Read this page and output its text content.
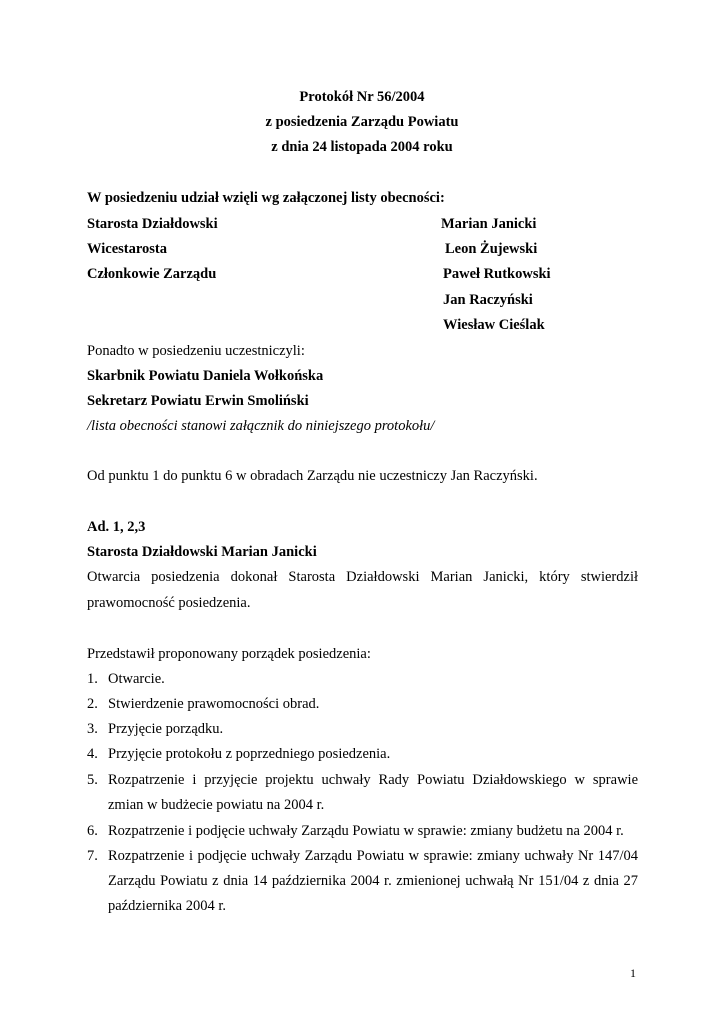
Protokół Nr 56/2004
z posiedzenia Zarządu Powiatu
z dnia 24 listopada 2004 roku
W posiedzeniu udział wzięli wg załączonej listy obecności:
Starosta Działdowski	Marian Janicki
Wicestarosta	Leon Żujewski
Członkowie Zarządu	Paweł Rutkowski
Jan Raczyński
Wiesław Cieślak
Ponadto w posiedzeniu uczestniczyli:
Skarbnik Powiatu Daniela Wołkońska
Sekretarz Powiatu Erwin Smoliński
/lista obecności stanowi załącznik do niniejszego protokołu/
Od punktu 1 do punktu 6 w obradach Zarządu nie uczestniczy Jan Raczyński.
Ad. 1, 2,3
Starosta Działdowski Marian Janicki
Otwarcia posiedzenia dokonał Starosta Działdowski Marian Janicki, który stwierdził
prawomocność posiedzenia.
Przedstawił proponowany porządek posiedzenia:
1. Otwarcie.
2. Stwierdzenie prawomocności obrad.
3. Przyjęcie porządku.
4. Przyjęcie protokołu z poprzedniego posiedzenia.
5. Rozpatrzenie i przyjęcie projektu uchwały Rady Powiatu Działdowskiego w sprawie
zmian w budżecie powiatu na 2004 r.
6. Rozpatrzenie i podjęcie uchwały Zarządu Powiatu w sprawie: zmiany budżetu na 2004 r.
7. Rozpatrzenie i podjęcie uchwały Zarządu Powiatu w sprawie: zmiany uchwały Nr 147/04
Zarządu Powiatu z dnia 14 października 2004 r. zmienionej uchwałą Nr 151/04 z dnia 27
października 2004 r.
1
